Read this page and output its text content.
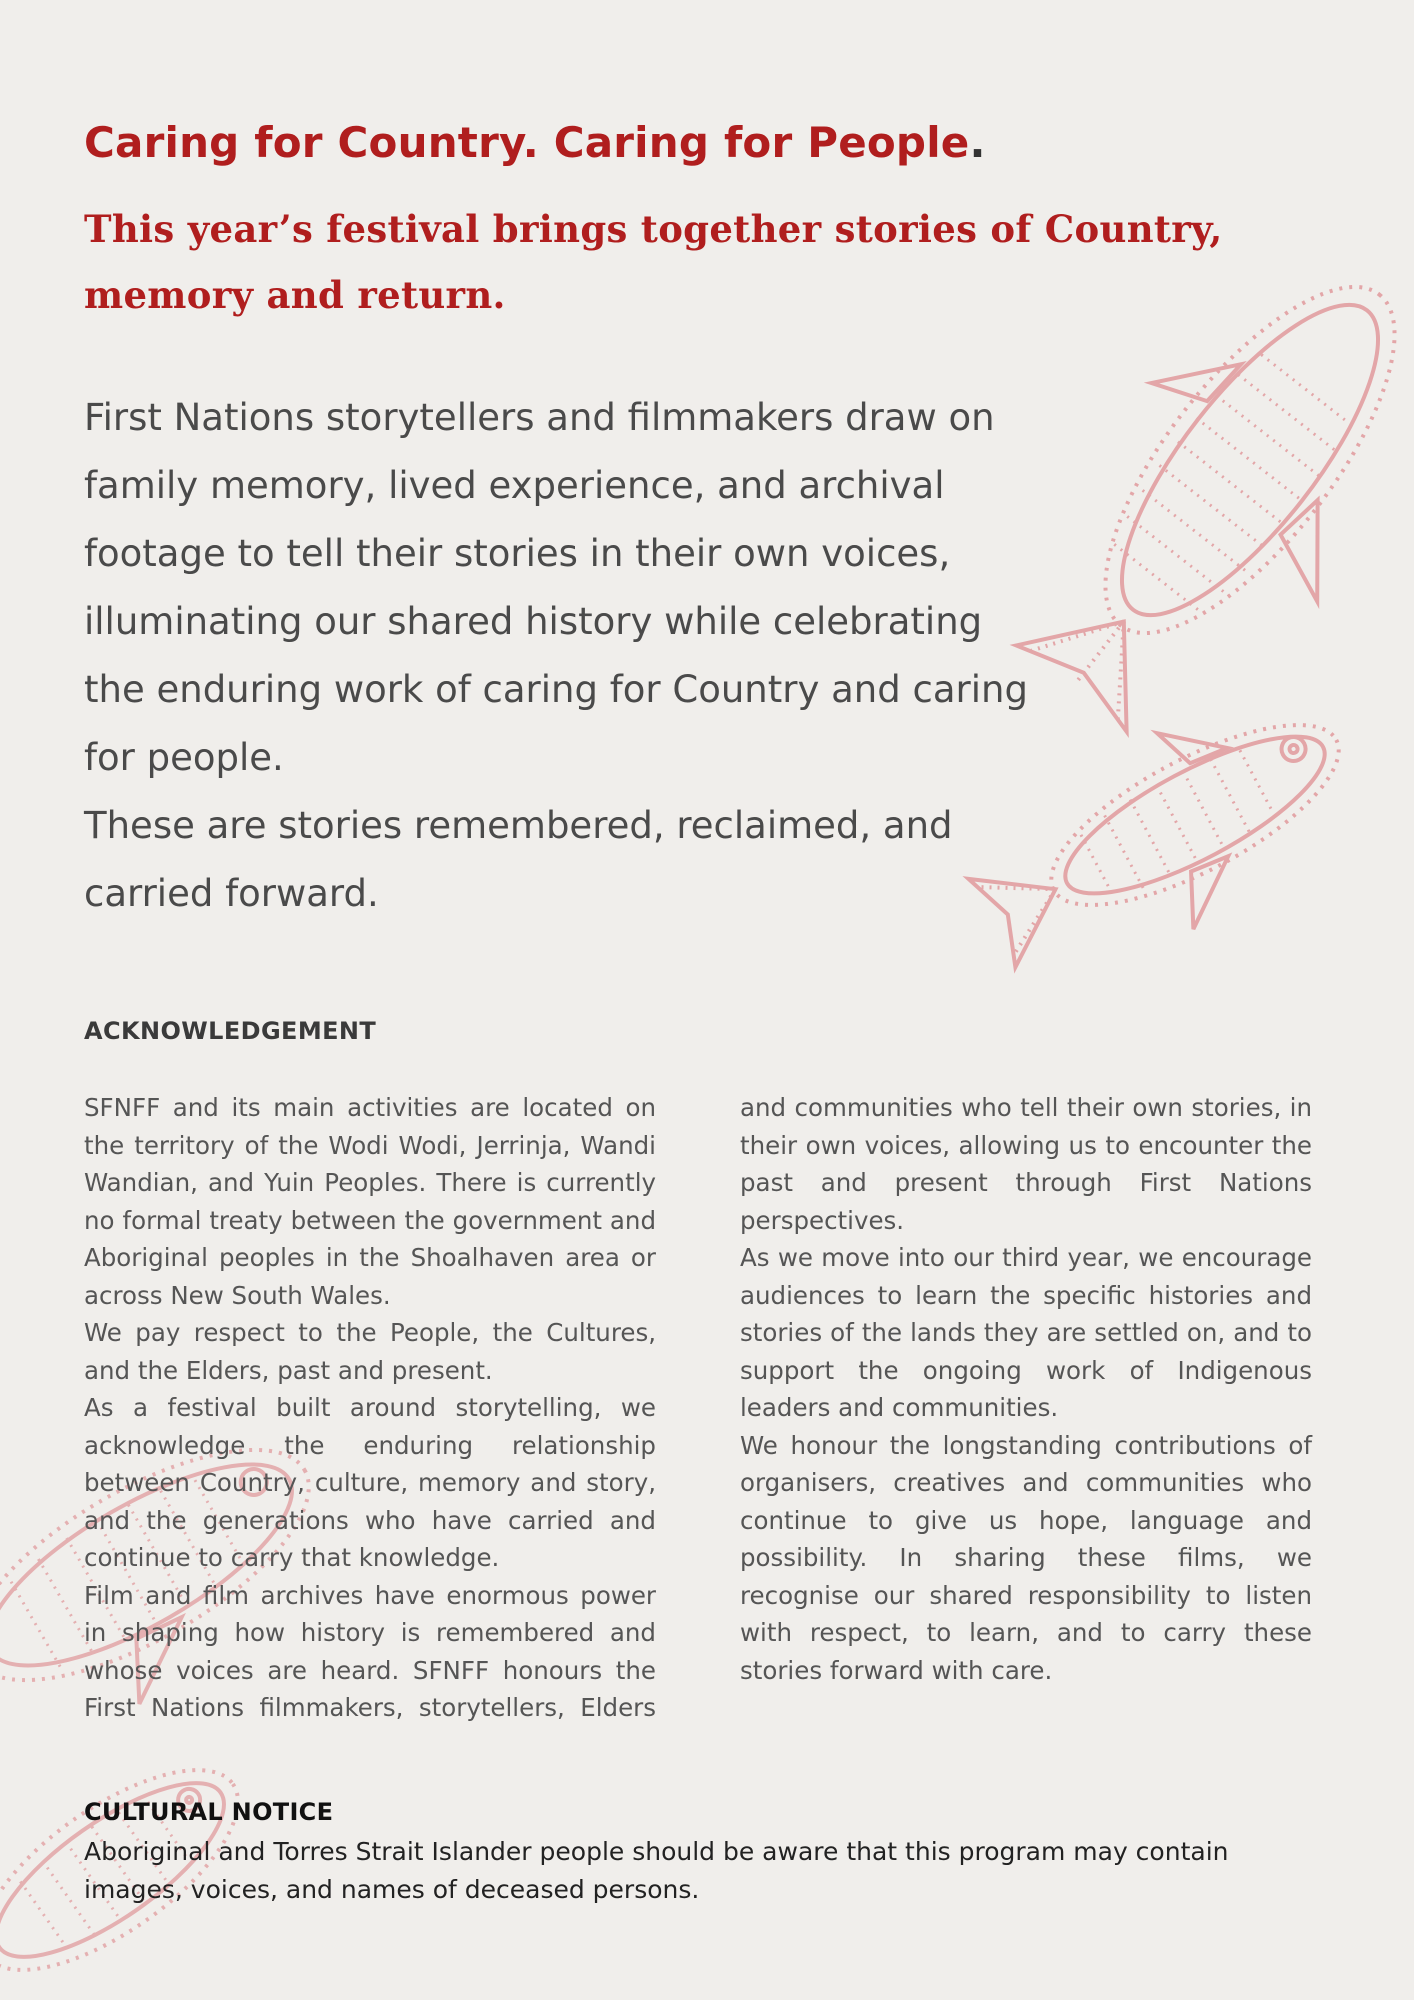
Caring for Country. Caring for People.
This year’s festival brings together stories of Country, memory and return.

First Nations storytellers and filmmakers draw on family memory, lived experience, and archival footage to tell their stories in their own voices, illuminating our shared history while celebrating the enduring work of caring for Country and caring for people.

These are stories remembered, reclaimed, and carried forward.

ACKNOWLEDGEMENT

SFNFF and its main activities are located on the territory of the Wodi Wodi, Jerrinja, Wandi Wandian, and Yuin Peoples. There is currently no formal treaty between the government and Aboriginal peoples in the Shoalhaven area or across New South Wales.

We pay respect to the People, the Cultures, and the Elders, past and present.

As a festival built around storytelling, we acknowledge the enduring relationship between Country, culture, memory and story, and the generations who have carried and continue to carry that knowledge.

Film and film archives have enormous power in shaping how history is remembered and whose voices are heard. SFNFF honours the First Nations filmmakers, storytellers, Elders and communities who tell their own stories, in their own voices, allowing us to encounter the past and present through First Nations perspectives.

As we move into our third year, we encourage audiences to learn the specific histories and stories of the lands they are settled on, and to support the ongoing work of Indigenous leaders and communities.

We honour the longstanding contributions of organisers, creatives and communities who continue to give us hope, language and possibility. In sharing these films, we recognise our shared responsibility to listen with respect, to learn, and to carry these stories forward with care.

CULTURAL NOTICE

Aboriginal and Torres Strait Islander people should be aware that this program may contain images, voices, and names of deceased persons.
